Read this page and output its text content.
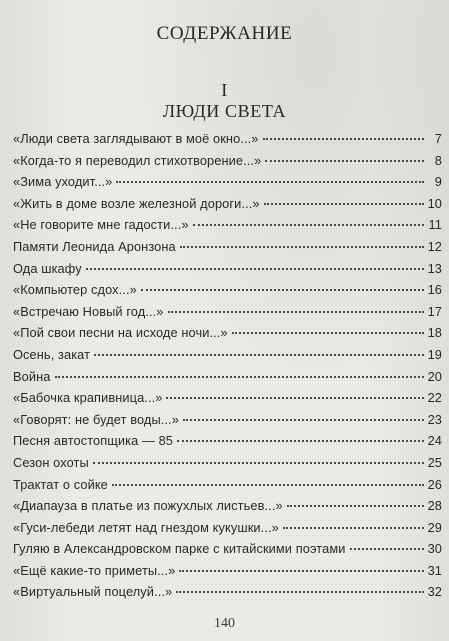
СОДЕРЖАНИЕ
I
ЛЮДИ СВЕТА
«Люди света заглядывают в моё окно...»	7
«Когда-то я переводил стихотворение...»	8
«Зима уходит...»	9
«Жить в доме возле железной дороги...»	10
«Не говорите мне гадости...»	11
Памяти Леонида Аронзона	12
Ода шкафу	13
«Компьютер сдох...»	16
«Встречаю Новый год...»	17
«Пой свои песни на исходе ночи...»	18
Осень, закат	19
Война	20
«Бабочка крапивница...»	22
«Говорят: не будет воды...»	23
Песня автостопщика — 85	24
Сезон охоты	25
Трактат о сойке	26
«Диапауза в платье из пожухлых листьев...»	28
«Гуси-лебеди летят над гнездом кукушки...»	29
Гуляю в Александровском парке с китайскими поэтами	30
«Ещё какие-то приметы...»	31
«Виртуальный поцелуй...»	32
140
